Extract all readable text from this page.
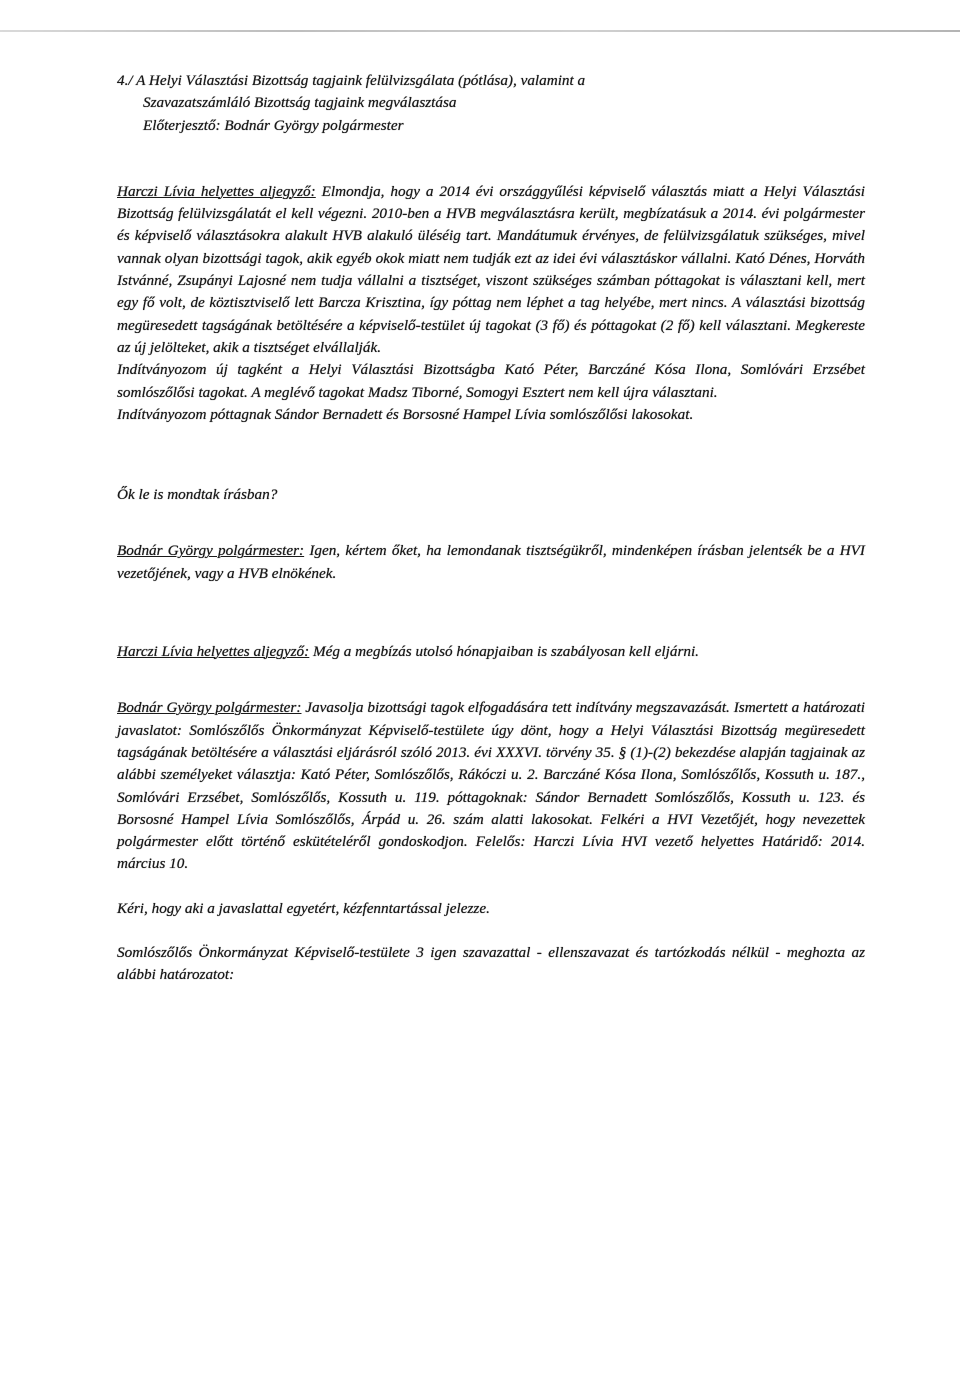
4./ A Helyi Választási Bizottság tagjaink felülvizsgálata (pótlása), valamint a
Szavazatszámláló Bizottság tagjaink megválasztása
Előterjesztő: Bodnár György polgármester

Harczi Lívia helyettes aljegyző: Elmondja, hogy a 2014 évi országgyűlési képviselő választás miatt a Helyi Választási Bizottság felülvizsgálatát el kell végezni. 2010-ben a HVB megválasztásra került, megbízatásuk a 2014. évi polgármester és képviselő választásokra alakult HVB alakuló üléséig tart. Mandátumuk érvényes, de felülvizsgálatuk szükséges, mivel vannak olyan bizottsági tagok, akik egyéb okok miatt nem tudják ezt az idei évi választáskor vállalni. Kató Dénes, Horváth Istvánné, Zsupányi Lajosné nem tudja vállalni a tisztséget, viszont szükséges számban póttagokat is választani kell, mert egy fő volt, de köztisztviselő lett Barcza Krisztina, így póttag nem léphet a tag helyébe, mert nincs. A választási bizottság megüresedett tagságának betöltésére a képviselő-testület új tagokat (3 fő) és póttagokat (2 fő) kell választani. Megkereste az új jelölteket, akik a tisztséget elvállalják.

Indítványozom új tagként a Helyi Választási Bizottságba Kató Péter, Barczáné Kósa Ilona, Somlóvári Erzsébet somlószőlősi tagokat. A meglévő tagokat Madsz Tiborné, Somogyi Esztert nem kell újra választani.

Indítványozom póttagnak Sándor Bernadett és Borsosné Hampel Lívia somlószőlősi lakosokat.

Ők le is mondtak írásban?

Bodnár György polgármester: Igen, kértem őket, ha lemondanak tisztségükről, mindenképen írásban jelentsék be a HVI vezetőjének, vagy a HVB elnökének.

Harczi Lívia helyettes aljegyző: Még a megbízás utolsó hónapjaiban is szabályosan kell eljárni.

Bodnár György polgármester: Javasolja bizottsági tagok elfogadására tett indítvány megszavazását. Ismertett a határozati javaslatot: Somlószőlős Önkormányzat Képviselő-testülete úgy dönt, hogy a Helyi Választási Bizottság megüresedett tagságának betöltésére a választási eljárásról szóló 2013. évi XXXVI. törvény 35. § (1)-(2) bekezdése alapján tagjainak az alábbi személyeket választja: Kató Péter, Somlószőlős, Rákóczi u. 2. Barczáné Kósa Ilona, Somlószőlős, Kossuth u. 187., Somlóvári Erzsébet, Somlószőlős, Kossuth u. 119. póttagoknak: Sándor Bernadett Somlószőlős, Kossuth u. 123. és Borsosné Hampel Lívia Somlószőlős, Árpád u. 26. szám alatti lakosokat. Felkéri a HVI Vezetőjét, hogy nevezettek polgármester előtt történő eskütételéről gondoskodjon. Felelős: Harczi Lívia HVI vezető helyettes Határidő: 2014. március 10.

Kéri, hogy aki a javaslattal egyetért, kézfenntartással jelezze.

Somlószőlős Önkormányzat Képviselő-testülete 3 igen szavazattal - ellenszavazat és tartózkodás nélkül - meghozta az alábbi határozatot:
